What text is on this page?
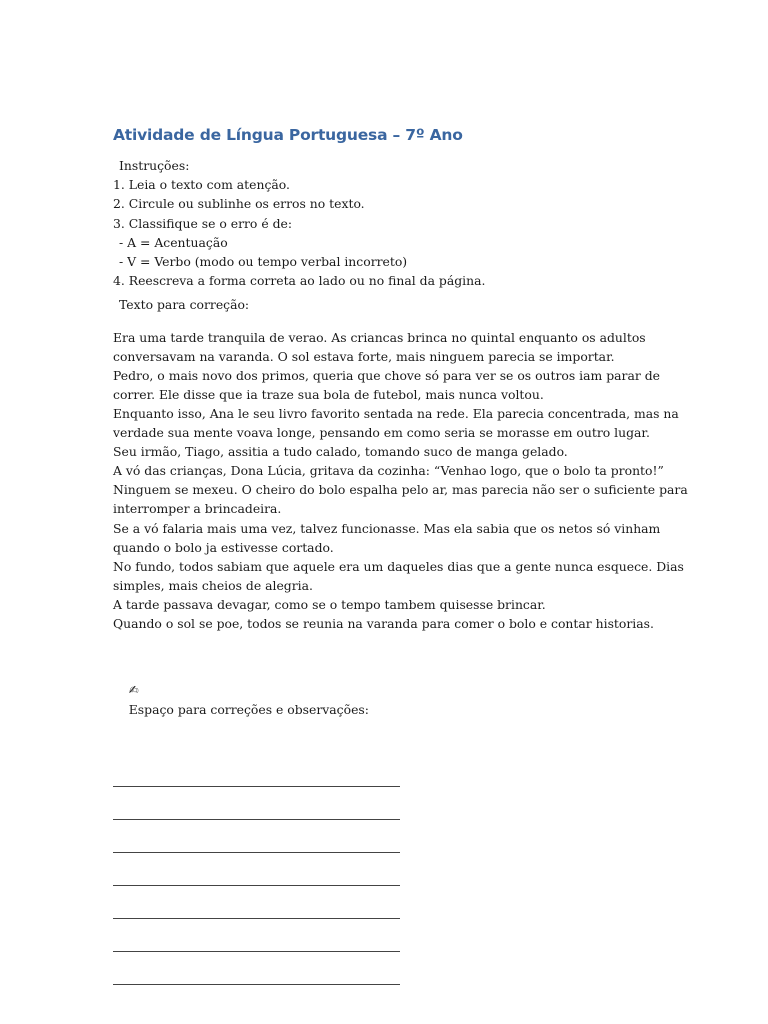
Atividade de Língua Portuguesa – 7º Ano
Instruções:
1. Leia o texto com atenção.
2. Circule ou sublinhe os erros no texto.
3. Classifique se o erro é de:
- A = Acentuação
- V = Verbo (modo ou tempo verbal incorreto)
4. Reescreva a forma correta ao lado ou no final da página.
Texto para correção:
Era uma tarde tranquila de verao. As criancas brinca no quintal enquanto os adultos
conversavam na varanda. O sol estava forte, mais ninguem parecia se importar.
Pedro, o mais novo dos primos, queria que chove só para ver se os outros iam parar de
correr. Ele disse que ia traze sua bola de futebol, mais nunca voltou.
Enquanto isso, Ana le seu livro favorito sentada na rede. Ela parecia concentrada, mas na
verdade sua mente voava longe, pensando em como seria se morasse em outro lugar.
Seu irmão, Tiago, assitia a tudo calado, tomando suco de manga gelado.
A vó das crianças, Dona Lúcia, gritava da cozinha: “Venhao logo, que o bolo ta pronto!”
Ninguem se mexeu. O cheiro do bolo espalha pelo ar, mas parecia não ser o suficiente para
interromper a brincadeira.
Se a vó falaria mais uma vez, talvez funcionasse. Mas ela sabia que os netos só vinham
quando o bolo ja estivesse cortado.
No fundo, todos sabiam que aquele era um daqueles dias que a gente nunca esquece. Dias
simples, mais cheios de alegria.
A tarde passava devagar, como se o tempo tambem quisesse brincar.
Quando o sol se poe, todos se reunia na varanda para comer o bolo e contar historias.

✍
Espaço para correções e observações:
